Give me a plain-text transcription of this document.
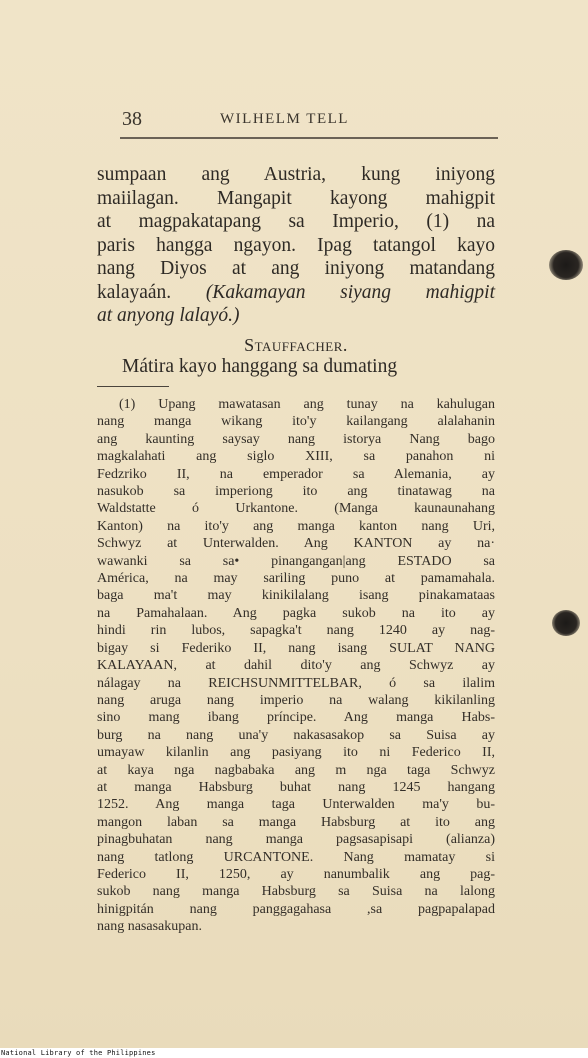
38	WILHELM TELL
sumpaan ang Austria, kung iniyong
maiilagan. Mangapit kayong mahigpit
at magpakatapang sa Imperio, (1) na
paris hangga ngayon. Ipag tatangol kayo
nang Diyos at ang iniyong matandang
kalayaán. (Kakamayan siyang mahigpit
at anyong lalayó.)
Stauffacher.
Mátira kayo hanggang sa dumating
(1) Upang mawatasan ang tunay na kahulugan
nang manga wikang ito'y kailangang alalahanin
ang kaunting saysay nang istorya Nang bago
magkalahati ang siglo XIII, sa panahon ni
Fedzriko II, na emperador sa Alemania, ay
nasukob sa imperiong ito ang tinatawag na
Waldstatte ó Urkantone. (Manga kaunaunahang
Kanton) na ito'y ang manga kanton nang Uri,
Schwyz at Unterwalden. Ang KANTON ay na·
wawanki sa sa• pinangangan|ang ESTADO sa
América, na may sariling puno at pamamahala.
baga ma't may kinikilalang isang pinakamataas
na Pamahalaan. Ang pagka sukob na ito ay
hindi rin lubos, sapagka't nang 1240 ay nag-
bigay si Federiko II, nang isang SULAT NANG
KALAYAAN, at dahil dito'y ang Schwyz ay
nálagay na REICHSUNMITTELBAR, ó sa ilalim
nang aruga nang imperio na walang kikilanling
sino mang ibang príncipe. Ang manga Habs-
burg na nang una'y nakasasakop sa Suisa ay
umayaw kilanlin ang pasiyang ito ni Federico II,
at kaya nga nagbabaka ang m nga taga Schwyz
at manga Habsburg buhat nang 1245 hangang
1252. Ang manga taga Unterwalden ma'y bu-
mangon laban sa manga Habsburg at ito ang
pinagbuhatan nang manga pagsasapisapi (alianza)
nang tatlong URCANTONE. Nang mamatay si
Federico II, 1250, ay nanumbalik ang pag-
sukob nang manga Habsburg sa Suisa na lalong
hinigpitán nang panggagahasa ,sa pagpapalapad
nang nasasakupan.
National Library of the Philippines
